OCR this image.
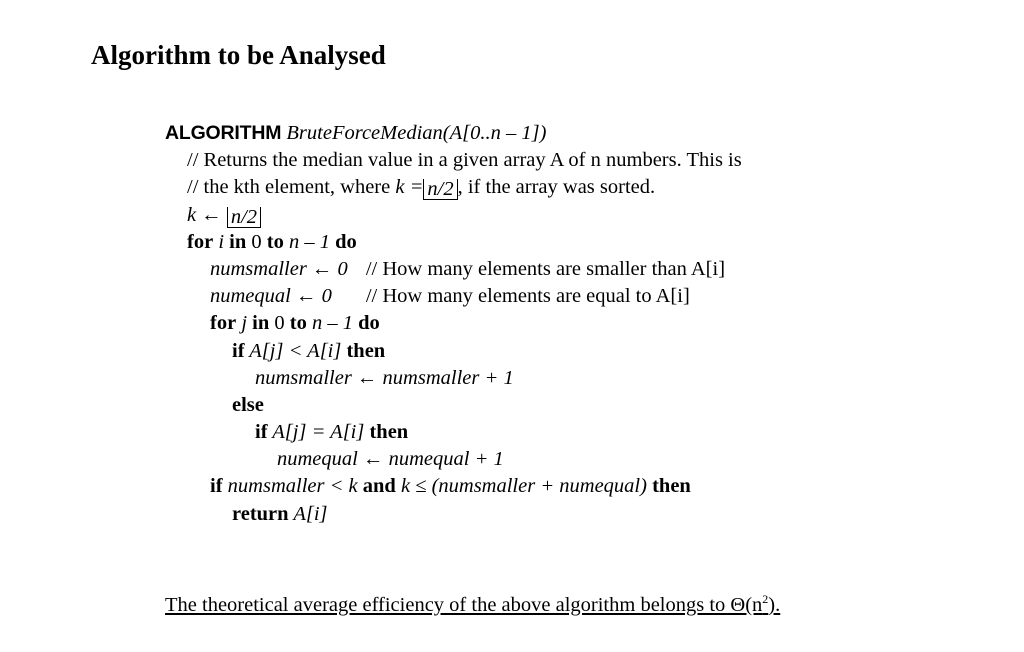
Algorithm to be Analysed
ALGORITHM BruteForceMedian(A[0..n – 1])
// Returns the median value in a given array A of n numbers. This is
// the kth element, where k = n/2 , if the array was sorted.
k ← n/2
for i in 0 to n – 1 do
numsmaller ← 0 // How many elements are smaller than A[i]
numequal ← 0 // How many elements are equal to A[i]
for j in 0 to n – 1 do
if A[j] < A[i] then
numsmaller ← numsmaller + 1
else
if A[j] = A[i] then
numequal ← numequal + 1
if numsmaller < k and k ≤ (numsmaller + numequal) then
return A[i]
The theoretical average efficiency of the above algorithm belongs to $\Theta(n^2)$.
